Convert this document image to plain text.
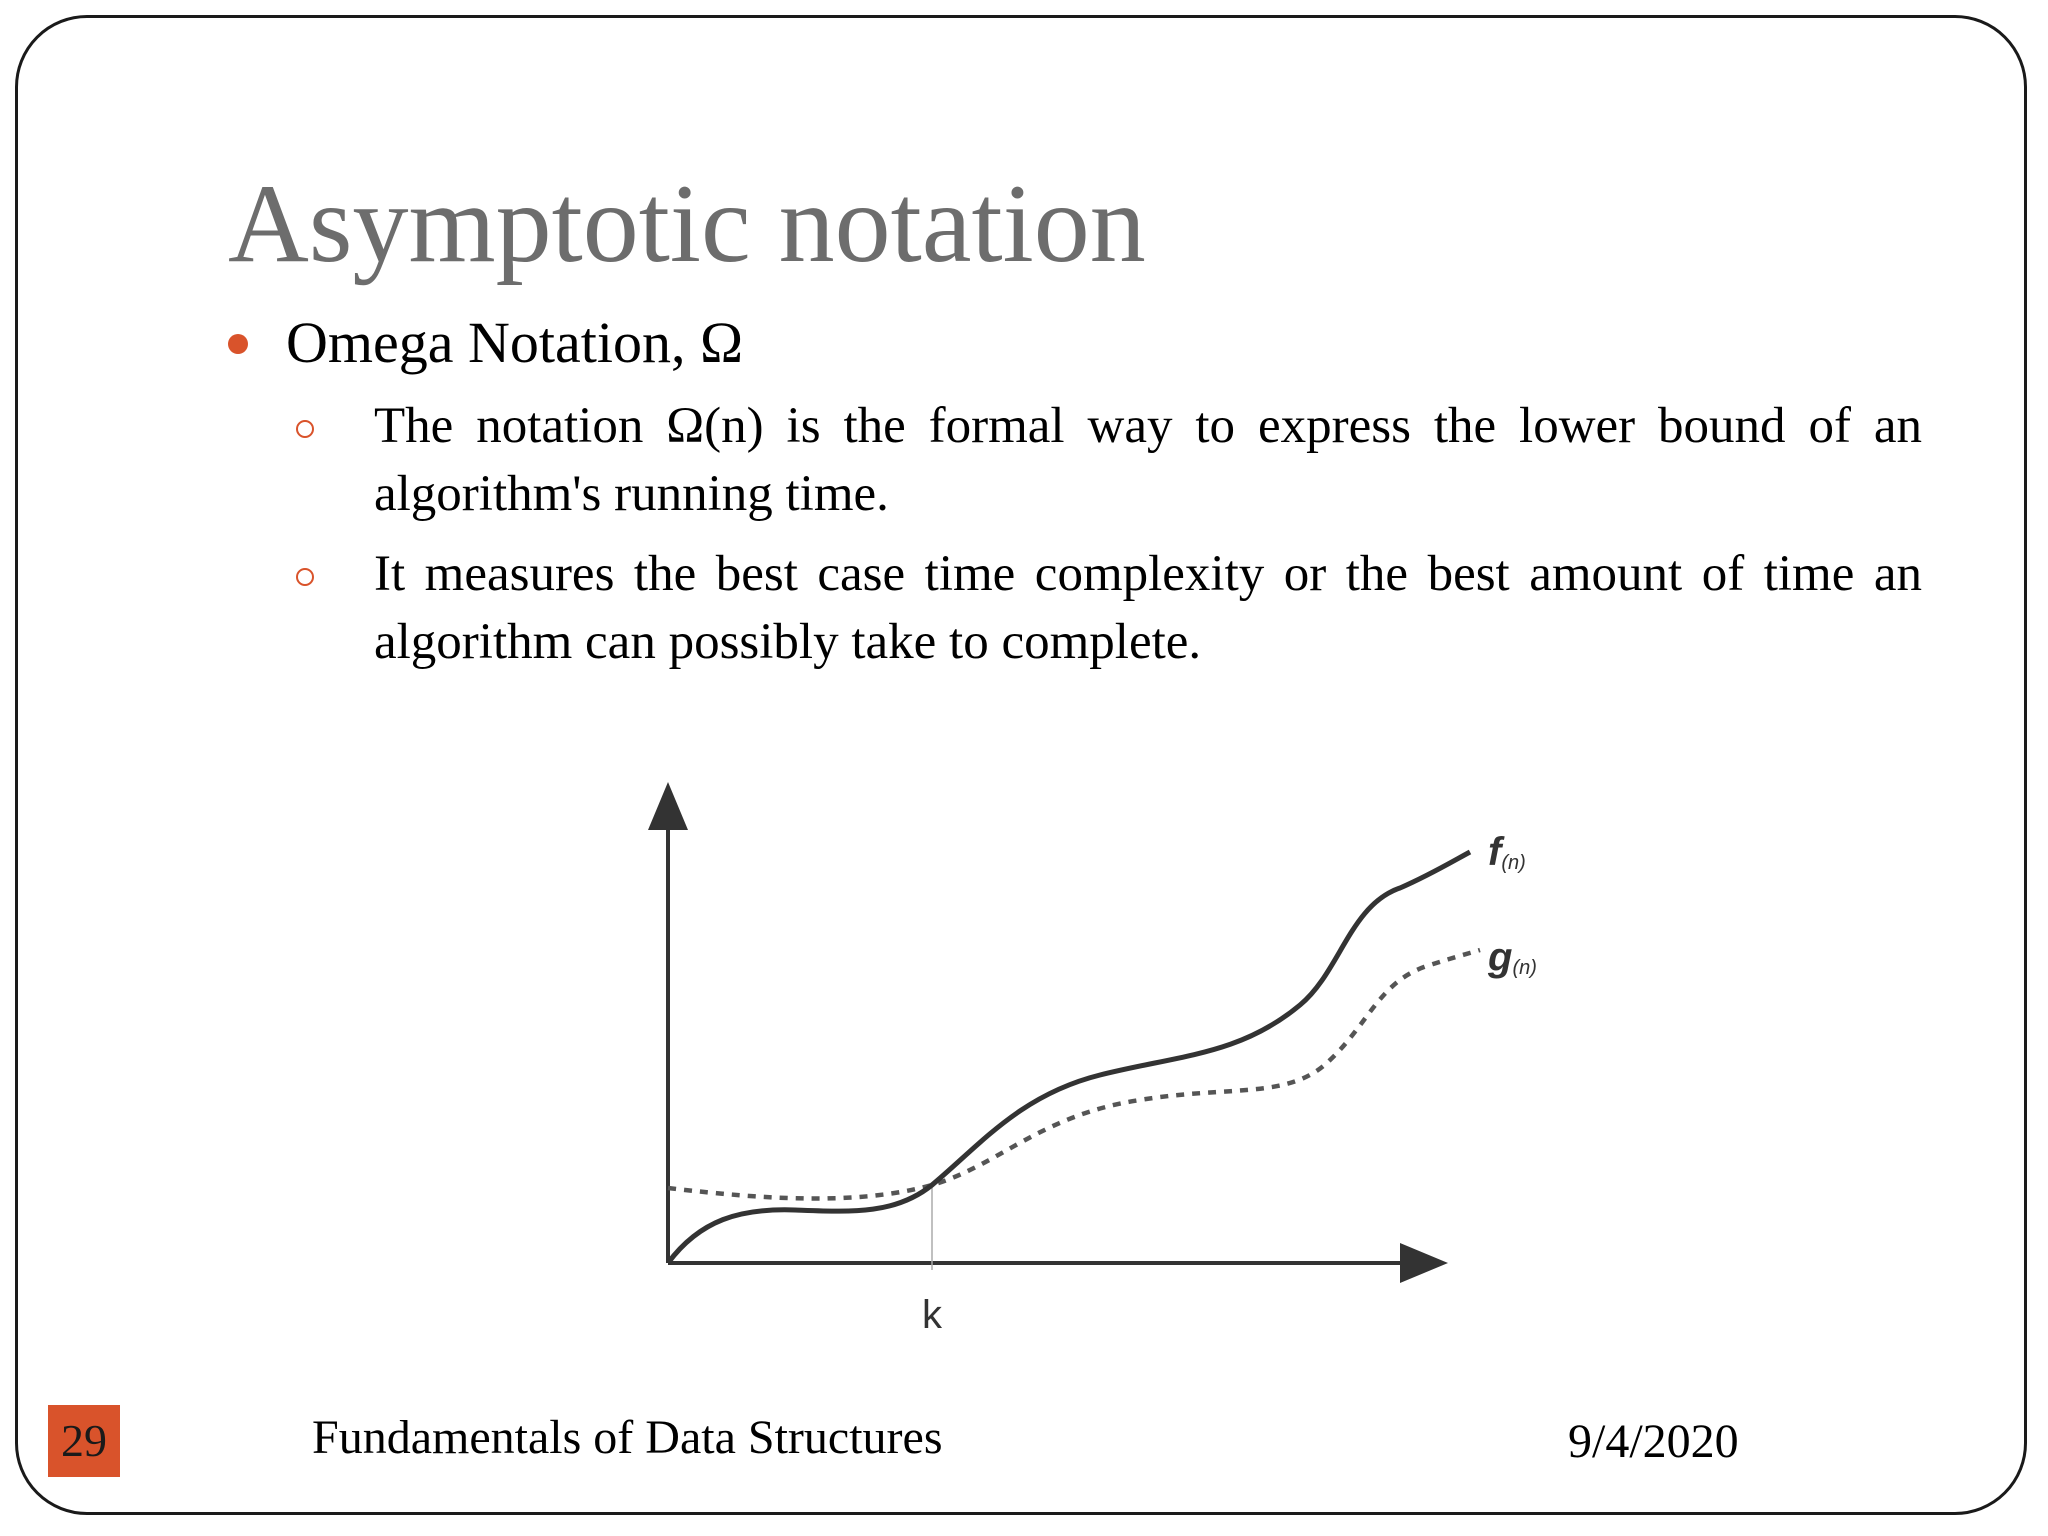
Asymptotic notation
Omega Notation, Ω
The notation Ω(n) is the formal way to express the lower bound of an algorithm's running time.
It measures the best case time complexity or the best amount of time an algorithm can possibly take to complete.
f(n)
g(n)
k
29	Fundamentals of Data Structures	9/4/2020
